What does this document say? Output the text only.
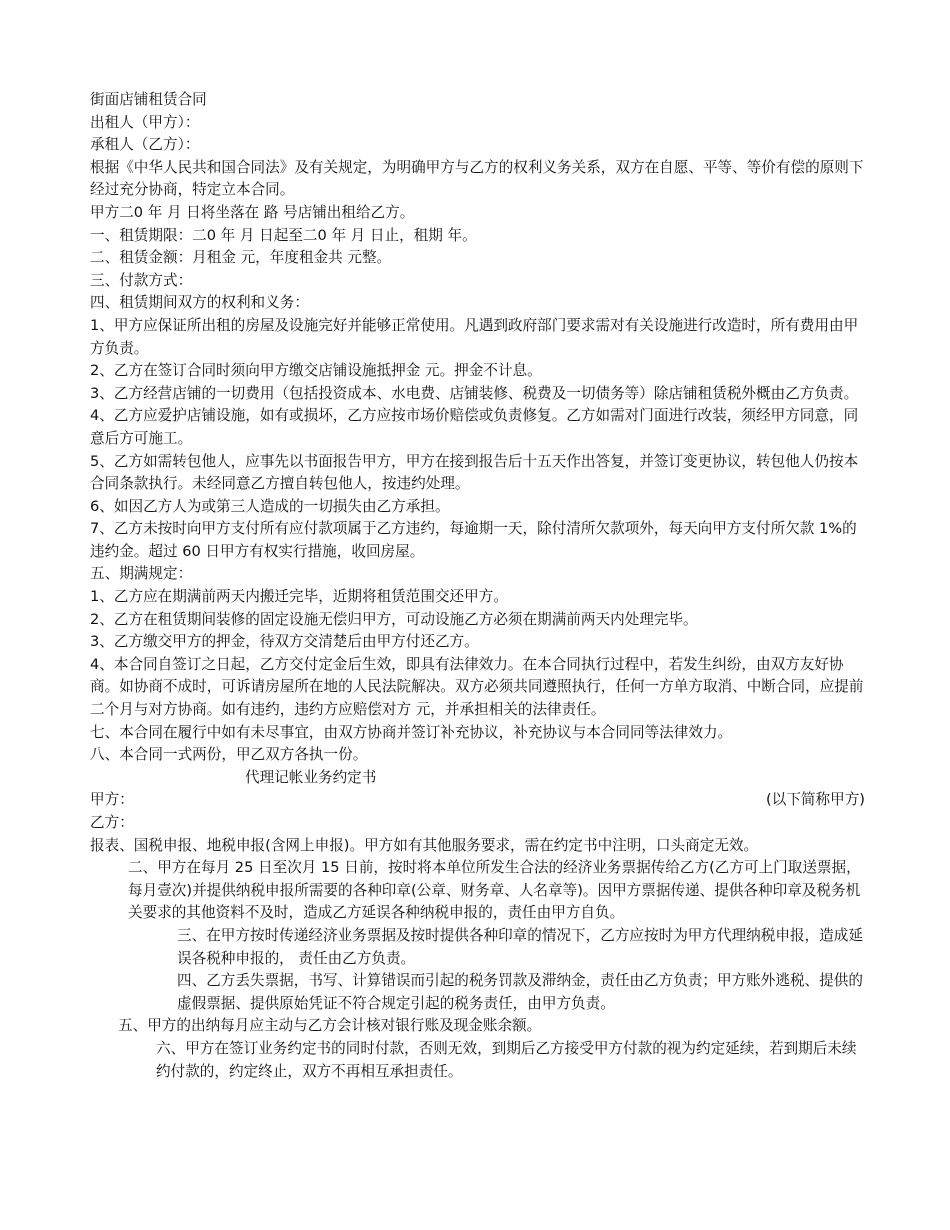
街面店铺租赁合同
出租人（甲方）：
承租人（乙方）：
根据《中华人民共和国合同法》及有关规定，为明确甲方与乙方的权利义务关系，双方在自愿、平等、等价有偿的原则下经过充分协商，特定立本合同。
甲方二0 年 月 日将坐落在 路 号店铺出租给乙方。
一、租赁期限：二0 年 月 日起至二0 年 月 日止，租期 年。
二、租赁金额：月租金 元，年度租金共 元整。
三、付款方式：
四、租赁期间双方的权利和义务：
1、甲方应保证所出租的房屋及设施完好并能够正常使用。凡遇到政府部门要求需对有关设施进行改造时，所有费用由甲方负责。
2、乙方在签订合同时须向甲方缴交店铺设施抵押金 元。押金不计息。
3、乙方经营店铺的一切费用（包括投资成本、水电费、店铺装修、税费及一切债务等）除店铺租赁税外概由乙方负责。
4、乙方应爱护店铺设施，如有或损坏，乙方应按市场价赔偿或负责修复。乙方如需对门面进行改装，须经甲方同意，同意后方可施工。
5、乙方如需转包他人，应事先以书面报告甲方，甲方在接到报告后十五天作出答复，并签订变更协议，转包他人仍按本合同条款执行。未经同意乙方擅自转包他人，按违约处理。
6、如因乙方人为或第三人造成的一切损失由乙方承担。
7、乙方未按时向甲方支付所有应付款项属于乙方违约，每逾期一天，除付清所欠款项外，每天向甲方支付所欠款 1%的违约金。超过 60 日甲方有权实行措施，收回房屋。
五、期满规定：
1、乙方应在期满前两天内搬迁完毕，近期将租赁范围交还甲方。
2、乙方在租赁期间装修的固定设施无偿归甲方，可动设施乙方必须在期满前两天内处理完毕。
3、乙方缴交甲方的押金，待双方交清楚后由甲方付还乙方。
4、本合同自签订之日起，乙方交付定金后生效，即具有法律效力。在本合同执行过程中，若发生纠纷，由双方友好协商。如协商不成时，可诉请房屋所在地的人民法院解决。双方必须共同遵照执行，任何一方单方取消、中断合同，应提前二个月与对方协商。如有违约，违约方应赔偿对方 元，并承担相关的法律责任。
七、本合同在履行中如有未尽事宜，由双方协商并签订补充协议，补充协议与本合同同等法律效力。
八、本合同一式两份，甲乙双方各执一份。
代理记帐业务约定书
甲方：	(以下简称甲方)
乙方：
报表、国税申报、地税申报(含网上申报)。甲方如有其他服务要求，需在约定书中注明，口头商定无效。
二、甲方在每月 25 日至次月 15 日前，按时将本单位所发生合法的经济业务票据传给乙方(乙方可上门取送票据，每月壹次)并提供纳税申报所需要的各种印章(公章、财务章、人名章等)。因甲方票据传递、提供各种印章及税务机关要求的其他资料不及时，造成乙方延误各种纳税申报的，责任由甲方自负。
三、在甲方按时传递经济业务票据及按时提供各种印章的情况下，乙方应按时为甲方代理纳税申报，造成延误各税种申报的， 责任由乙方负责。
四、乙方丢失票据，书写、计算错误而引起的税务罚款及滞纳金，责任由乙方负责；甲方账外逃税、提供的虚假票据、提供原始凭证不符合规定引起的税务责任，由甲方负责。
五、甲方的出纳每月应主动与乙方会计核对银行账及现金账余额。
六、甲方在签订业务约定书的同时付款，否则无效，到期后乙方接受甲方付款的视为约定延续，若到期后未续约付款的，约定终止，双方不再相互承担责任。
